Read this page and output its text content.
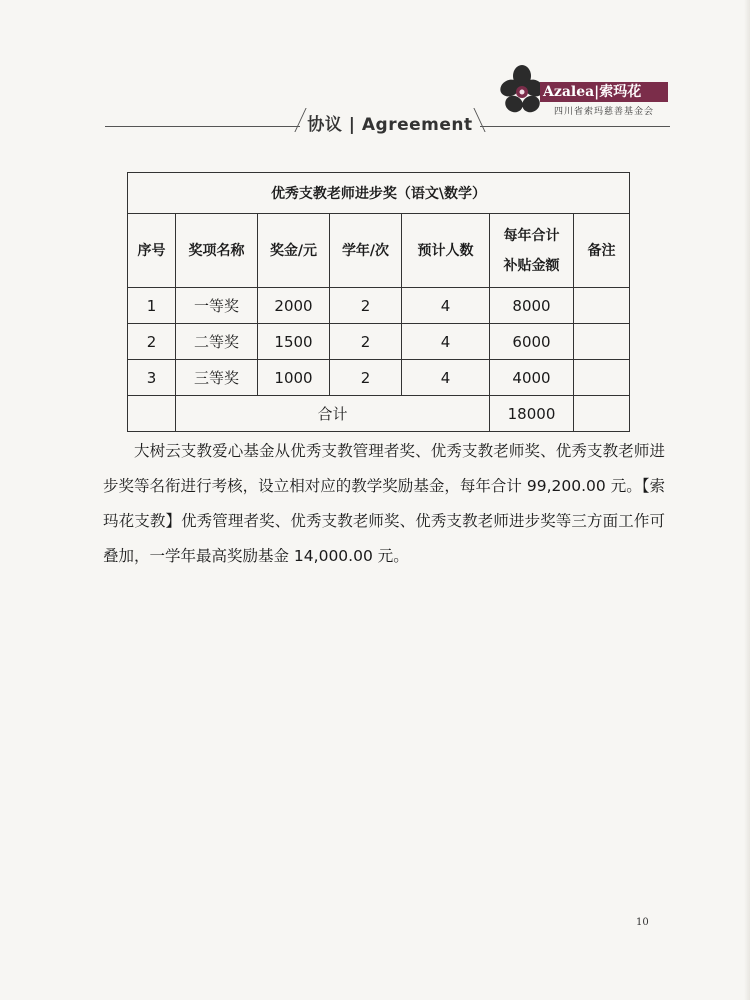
Azalea|索玛花
四川省索玛慈善基金会
协议 | Agreement
优秀支教老师进步奖（语文\数学）						
序号	奖项名称	奖金/元	学年/次	预计人数	每年合计补贴金额	备注
1	一等奖	2000	2	4	8000	
2	二等奖	1500	2	4	6000	
3	三等奖	1000	2	4	4000	
	合计				18000	
大树云支教爱心基金从优秀支教管理者奖、优秀支教老师奖、优秀支教老师进步奖等名衔进行考核，设立相对应的教学奖励基金，每年合计 99,200.00 元。【索玛花支教】优秀管理者奖、优秀支教老师奖、优秀支教老师进步奖等三方面工作可叠加，一学年最高奖励基金 14,000.00 元。
10
